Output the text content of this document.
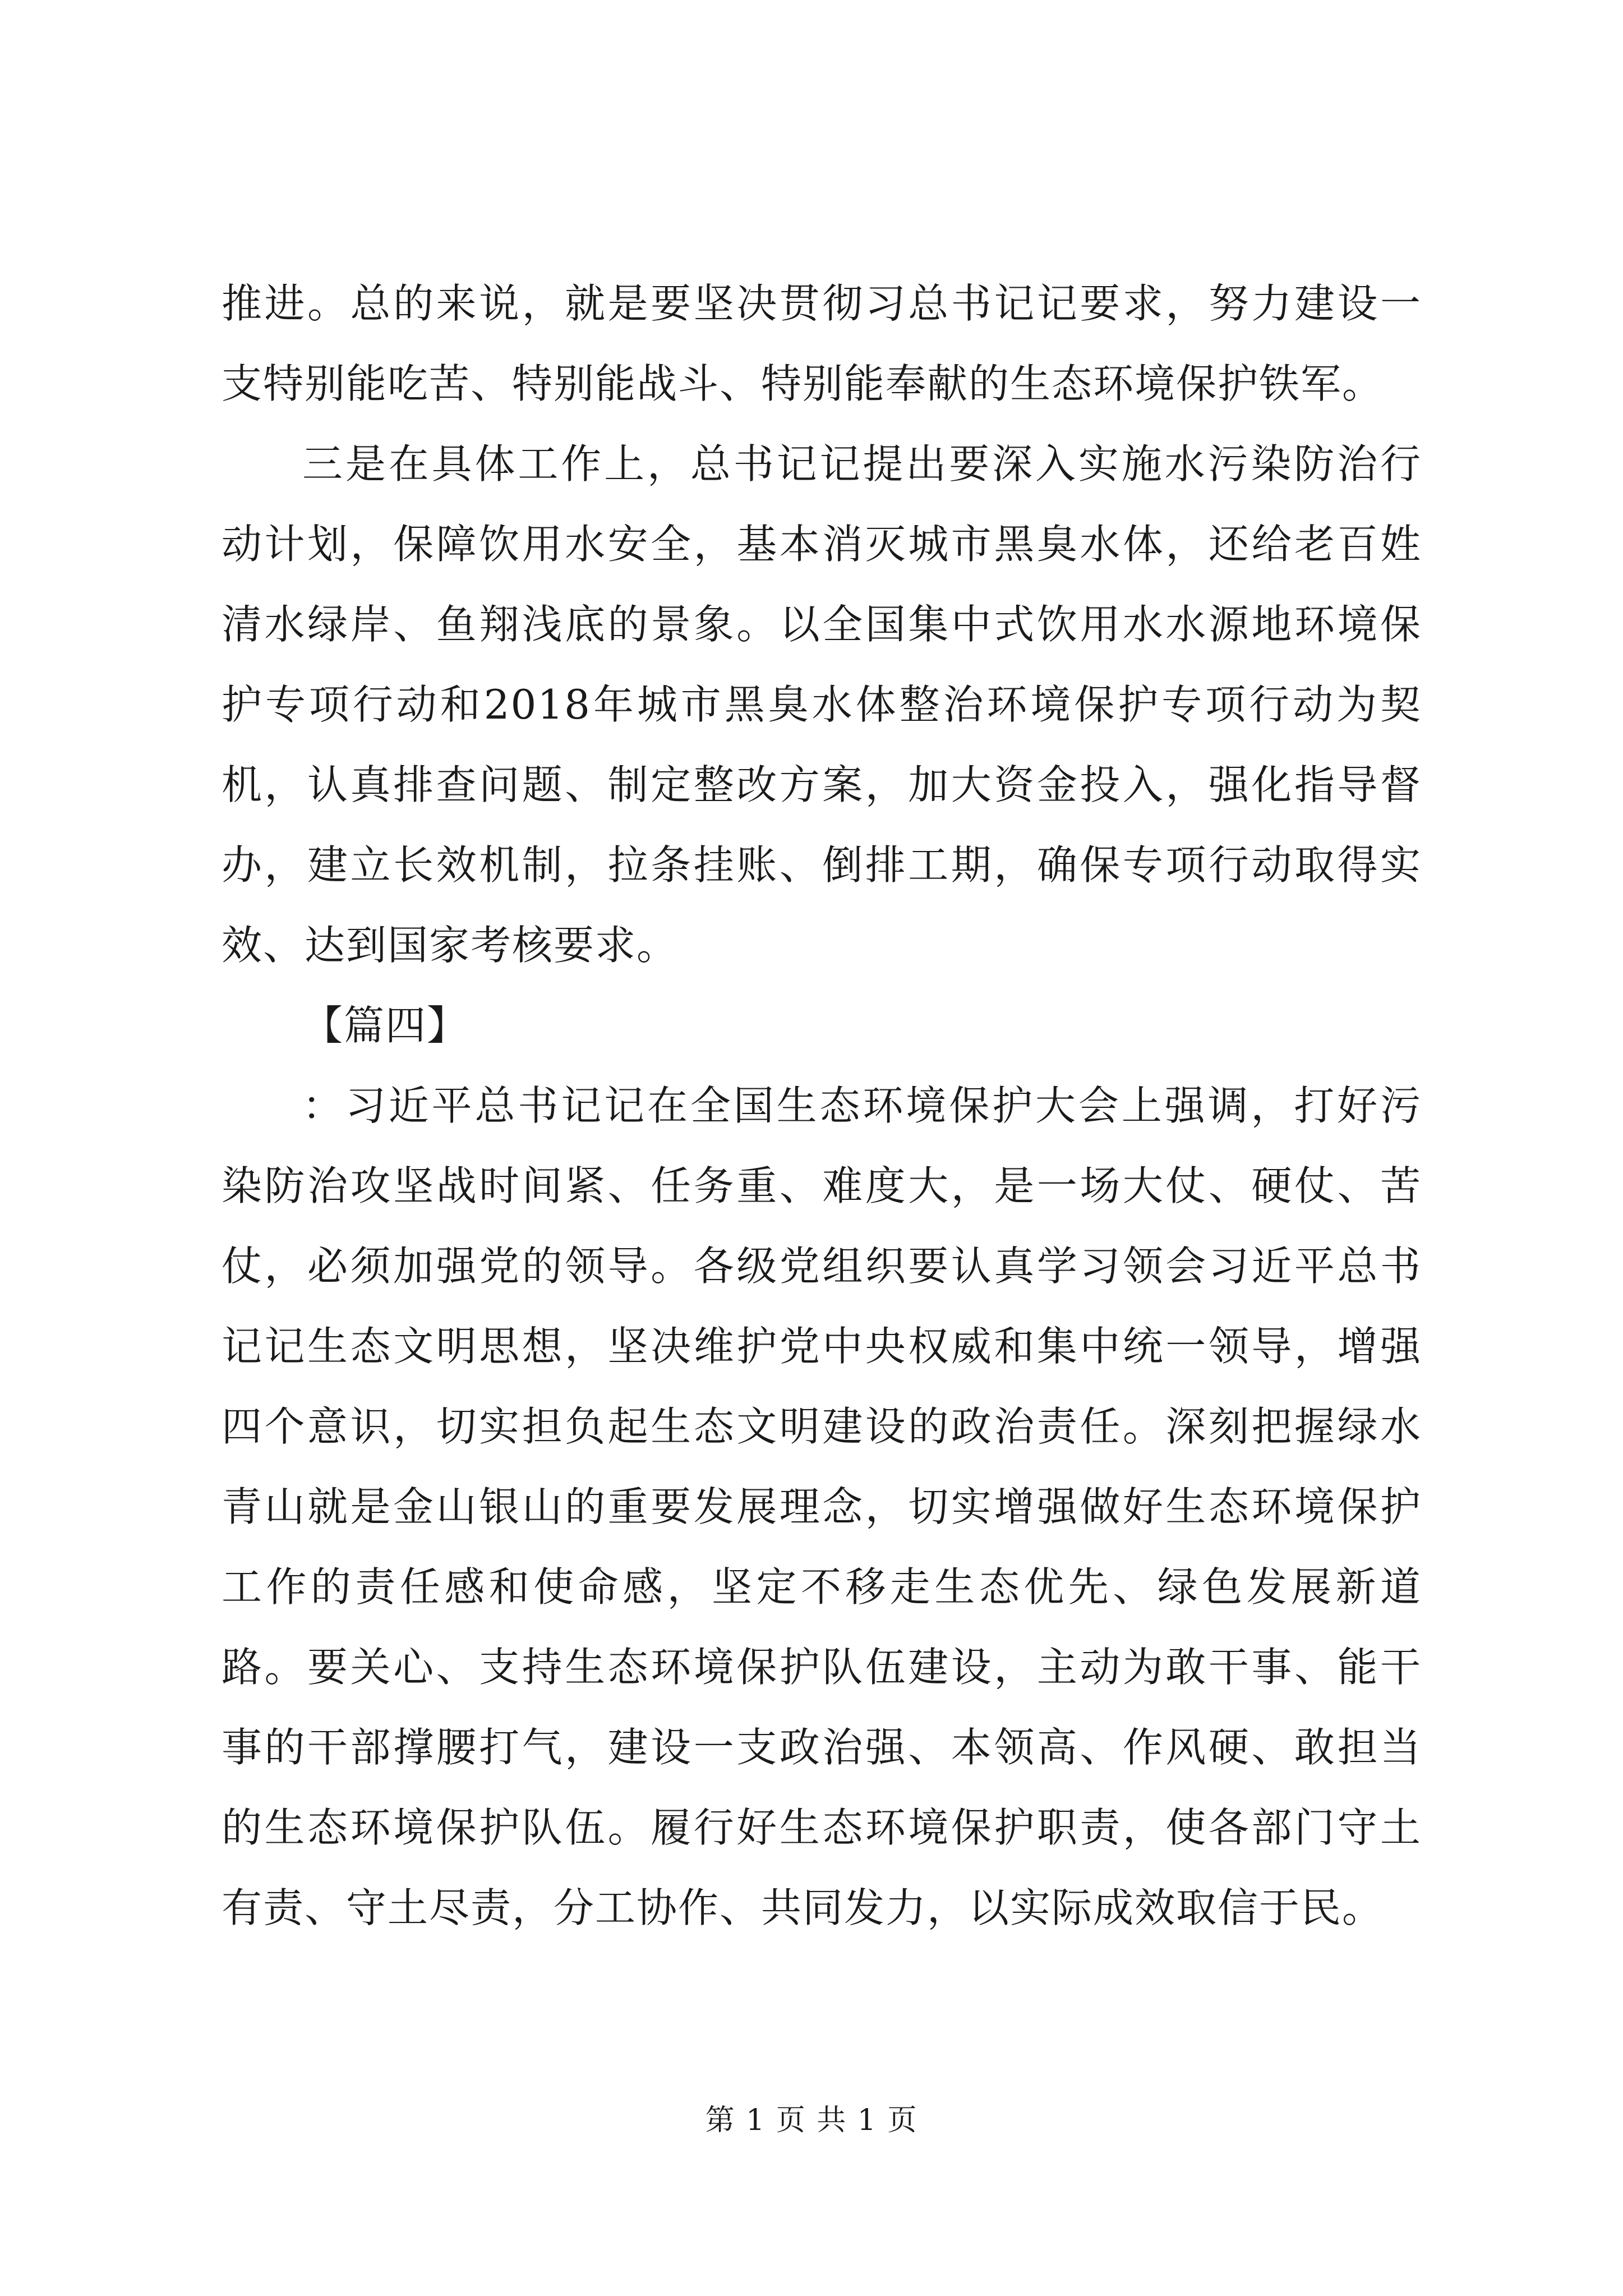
推进。总的来说，就是要坚决贯彻习总书记记要求，努力建设一支特别能吃苦、特别能战斗、特别能奉献的生态环境保护铁军。

三是在具体工作上，总书记记提出要深入实施水污染防治行动计划，保障饮用水安全，基本消灭城市黑臭水体，还给老百姓清水绿岸、鱼翔浅底的景象。以全国集中式饮用水水源地环境保护专项行动和2018年城市黑臭水体整治环境保护专项行动为契机，认真排查问题、制定整改方案，加大资金投入，强化指导督办，建立长效机制，拉条挂账、倒排工期，确保专项行动取得实效、达到国家考核要求。

【篇四】

：习近平总书记记在全国生态环境保护大会上强调，打好污染防治攻坚战时间紧、任务重、难度大，是一场大仗、硬仗、苦仗，必须加强党的领导。各级党组织要认真学习领会习近平总书记记生态文明思想，坚决维护党中央权威和集中统一领导，增强四个意识，切实担负起生态文明建设的政治责任。深刻把握绿水青山就是金山银山的重要发展理念，切实增强做好生态环境保护工作的责任感和使命感，坚定不移走生态优先、绿色发展新道路。要关心、支持生态环境保护队伍建设，主动为敢干事、能干事的干部撑腰打气，建设一支政治强、本领高、作风硬、敢担当的生态环境保护队伍。履行好生态环境保护职责，使各部门守土有责、守土尽责，分工协作、共同发力，以实际成效取信于民。

第 1 页 共 1 页
